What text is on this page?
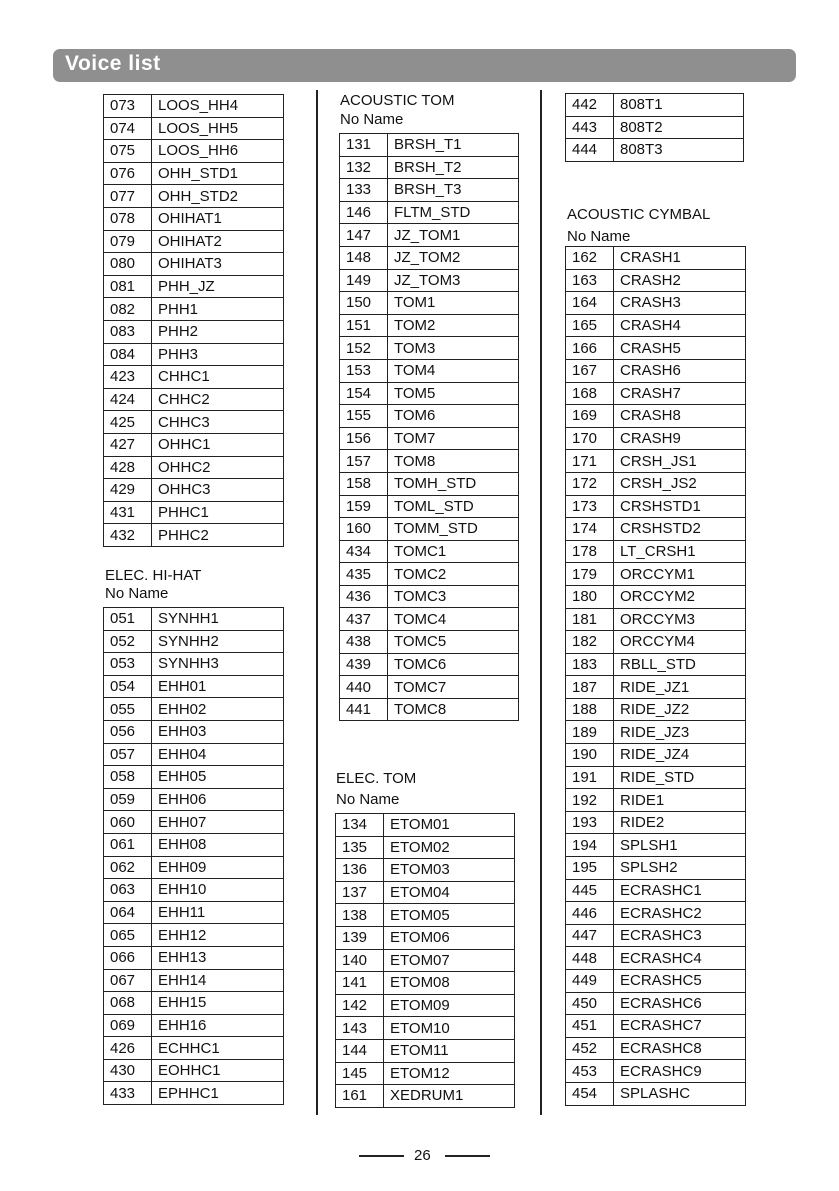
Voice list
073	LOOS_HH4
074	LOOS_HH5
075	LOOS_HH6
076	OHH_STD1
077	OHH_STD2
078	OHIHAT1
079	OHIHAT2
080	OHIHAT3
081	PHH_JZ
082	PHH1
083	PHH2
084	PHH3
423	CHHC1
424	CHHC2
425	CHHC3
427	OHHC1
428	OHHC2
429	OHHC3
431	PHHC1
432	PHHC2
ELEC. HI-HAT
No Name
051	SYNHH1
052	SYNHH2
053	SYNHH3
054	EHH01
055	EHH02
056	EHH03
057	EHH04
058	EHH05
059	EHH06
060	EHH07
061	EHH08
062	EHH09
063	EHH10
064	EHH11
065	EHH12
066	EHH13
067	EHH14
068	EHH15
069	EHH16
426	ECHHC1
430	EOHHC1
433	EPHHC1
ACOUSTIC TOM
No Name
131	BRSH_T1
132	BRSH_T2
133	BRSH_T3
146	FLTM_STD
147	JZ_TOM1
148	JZ_TOM2
149	JZ_TOM3
150	TOM1
151	TOM2
152	TOM3
153	TOM4
154	TOM5
155	TOM6
156	TOM7
157	TOM8
158	TOMH_STD
159	TOML_STD
160	TOMM_STD
434	TOMC1
435	TOMC2
436	TOMC3
437	TOMC4
438	TOMC5
439	TOMC6
440	TOMC7
441	TOMC8
ELEC. TOM
No Name
134	ETOM01
135	ETOM02
136	ETOM03
137	ETOM04
138	ETOM05
139	ETOM06
140	ETOM07
141	ETOM08
142	ETOM09
143	ETOM10
144	ETOM11
145	ETOM12
161	XEDRUM1
442	808T1
443	808T2
444	808T3
ACOUSTIC CYMBAL
No Name
162	CRASH1
163	CRASH2
164	CRASH3
165	CRASH4
166	CRASH5
167	CRASH6
168	CRASH7
169	CRASH8
170	CRASH9
171	CRSH_JS1
172	CRSH_JS2
173	CRSHSTD1
174	CRSHSTD2
178	LT_CRSH1
179	ORCCYM1
180	ORCCYM2
181	ORCCYM3
182	ORCCYM4
183	RBLL_STD
187	RIDE_JZ1
188	RIDE_JZ2
189	RIDE_JZ3
190	RIDE_JZ4
191	RIDE_STD
192	RIDE1
193	RIDE2
194	SPLSH1
195	SPLSH2
445	ECRASHC1
446	ECRASHC2
447	ECRASHC3
448	ECRASHC4
449	ECRASHC5
450	ECRASHC6
451	ECRASHC7
452	ECRASHC8
453	ECRASHC9
454	SPLASHC
26
